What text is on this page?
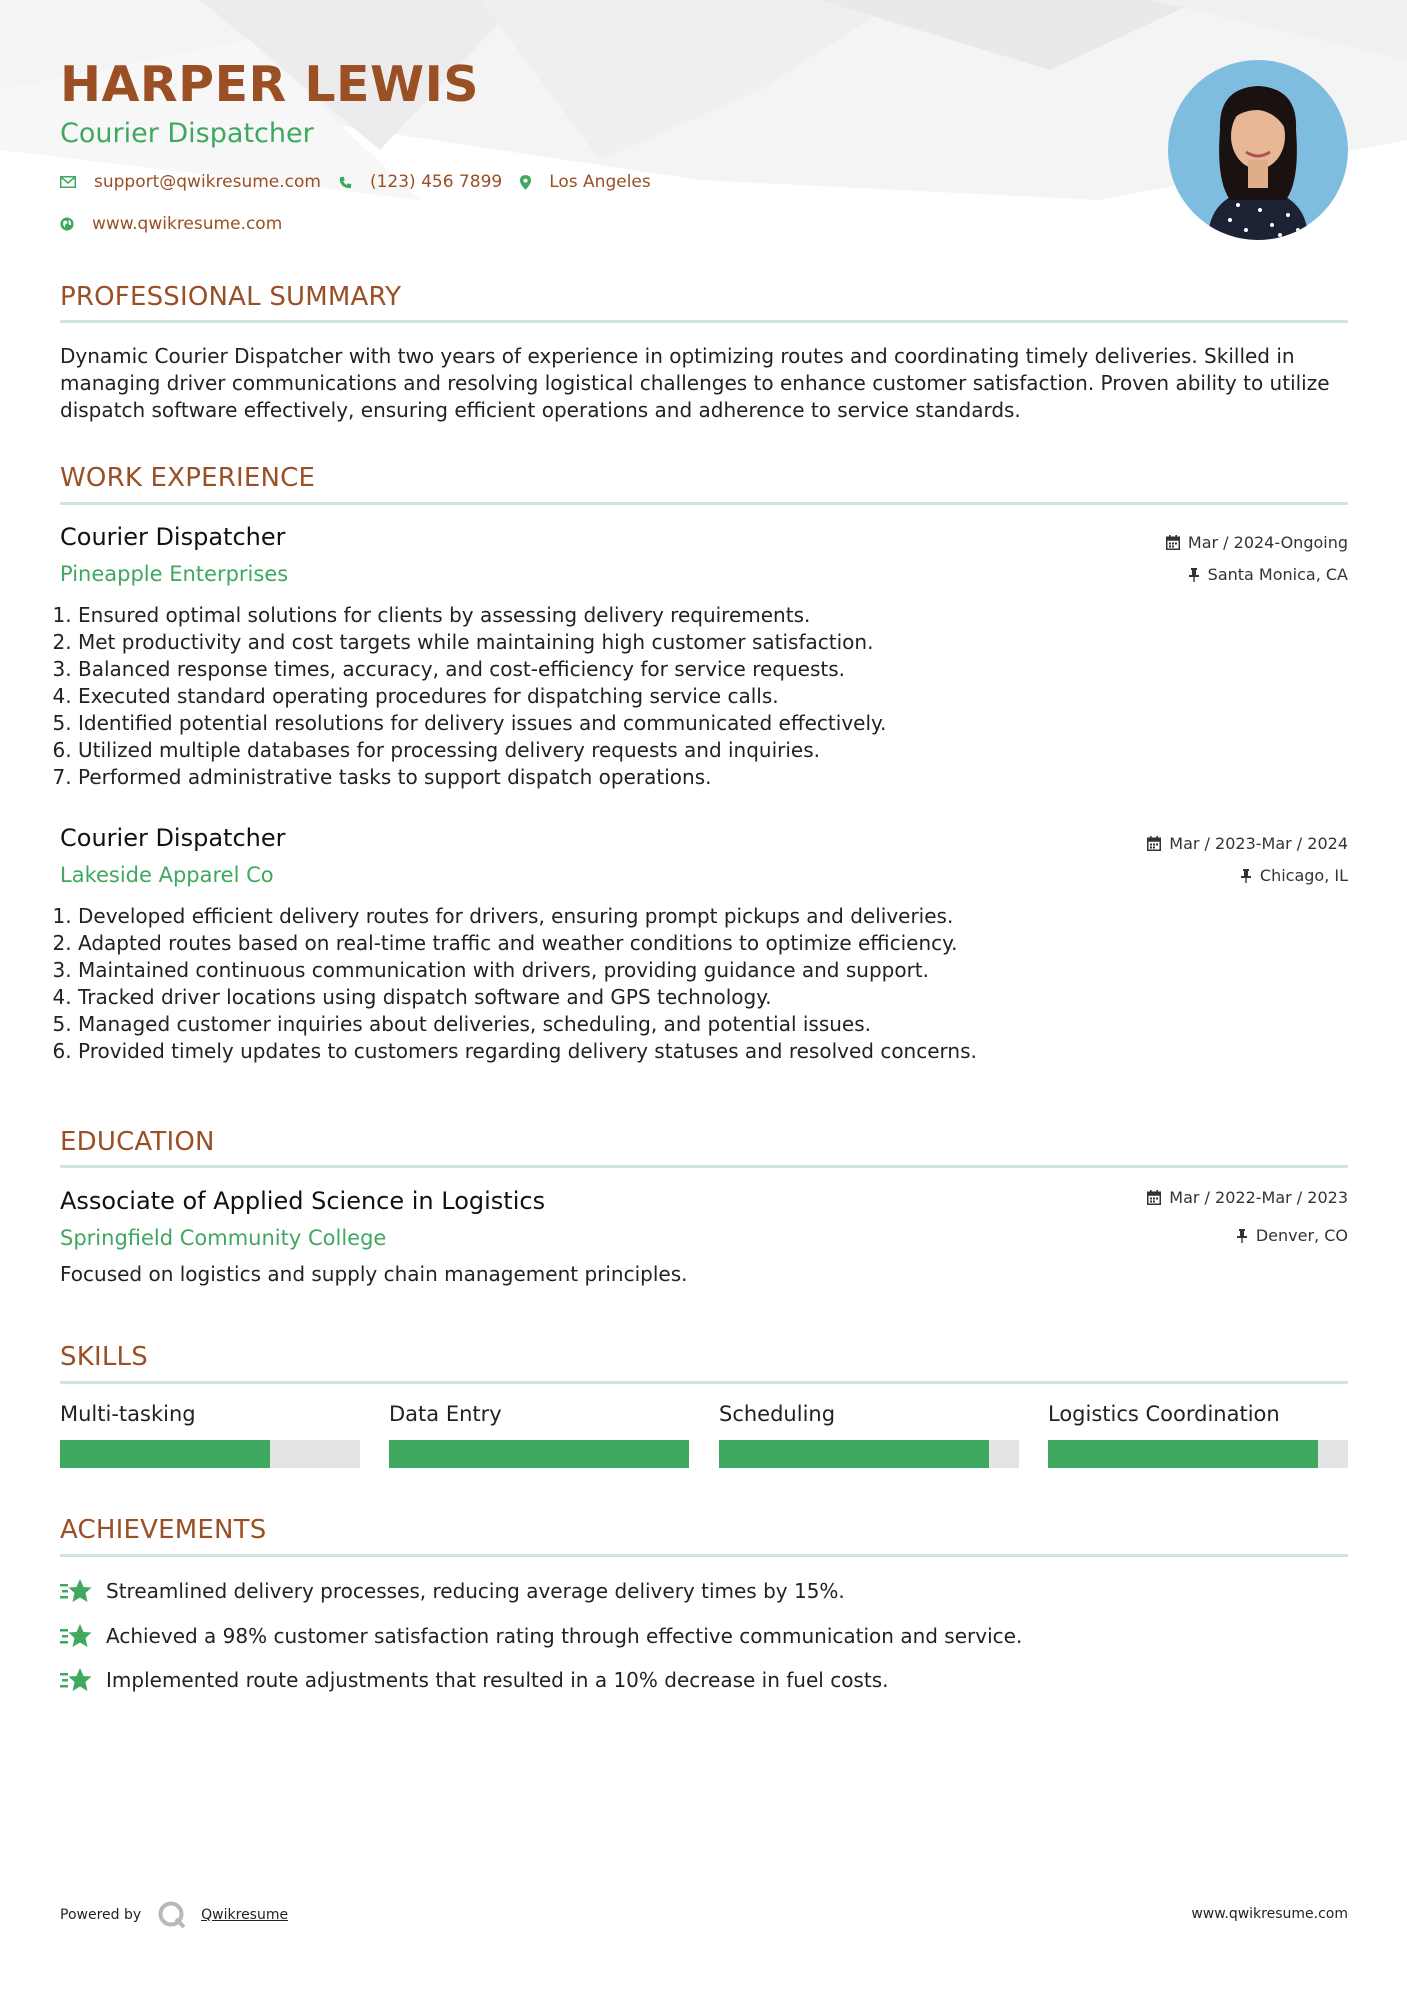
HARPER LEWIS
Courier Dispatcher
support@qwikresume.com	(123) 456 7899	Los Angeles
www.qwikresume.com
PROFESSIONAL SUMMARY

Dynamic Courier Dispatcher with two years of experience in optimizing routes and coordinating timely deliveries. Skilled in managing driver communications and resolving logistical challenges to enhance customer satisfaction. Proven ability to utilize dispatch software effectively, ensuring efficient operations and adherence to service standards.

WORK EXPERIENCE
Courier Dispatcher
Pineapple Enterprises
Mar / 2024-Ongoing
Santa Monica, CA
1. Ensured optimal solutions for clients by assessing delivery requirements.
2. Met productivity and cost targets while maintaining high customer satisfaction.
3. Balanced response times, accuracy, and cost-efficiency for service requests.
4. Executed standard operating procedures for dispatching service calls.
5. Identified potential resolutions for delivery issues and communicated effectively.
6. Utilized multiple databases for processing delivery requests and inquiries.
7. Performed administrative tasks to support dispatch operations.
Courier Dispatcher
Lakeside Apparel Co
Mar / 2023-Mar / 2024
Chicago, IL
1. Developed efficient delivery routes for drivers, ensuring prompt pickups and deliveries.
2. Adapted routes based on real-time traffic and weather conditions to optimize efficiency.
3. Maintained continuous communication with drivers, providing guidance and support.
4. Tracked driver locations using dispatch software and GPS technology.
5. Managed customer inquiries about deliveries, scheduling, and potential issues.
6. Provided timely updates to customers regarding delivery statuses and resolved concerns.
EDUCATION
Associate of Applied Science in Logistics
Springfield Community College
Mar / 2022-Mar / 2023
Denver, CO
Focused on logistics and supply chain management principles.
SKILLS
Multi-tasking	Data Entry	Scheduling	Logistics Coordination
ACHIEVEMENTS
Streamlined delivery processes, reducing average delivery times by 15%.
Achieved a 98% customer satisfaction rating through effective communication and service.
Implemented route adjustments that resulted in a 10% decrease in fuel costs.
Powered by	Qwikresume	www.qwikresume.com
